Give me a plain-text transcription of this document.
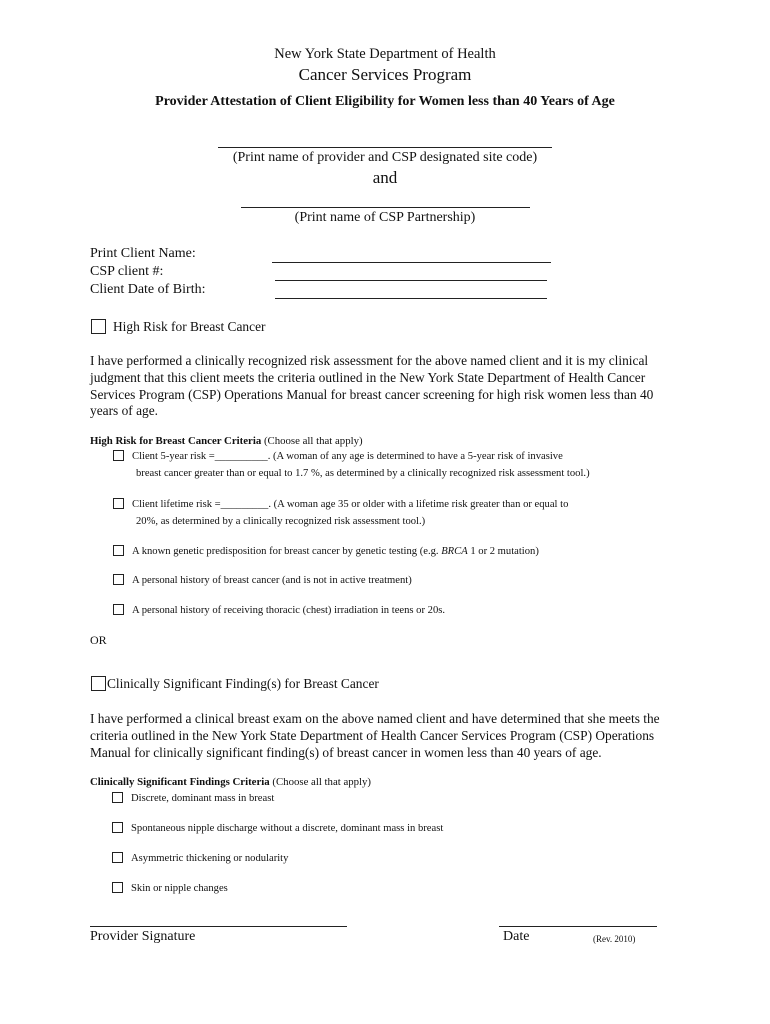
New York State Department of Health
Cancer Services Program
Provider Attestation of Client Eligibility for Women less than 40 Years of Age
(Print name of provider and CSP designated site code)
and
(Print name of CSP Partnership)
Print Client Name:
CSP client #:
Client Date of Birth:
High Risk for Breast Cancer
I have performed a clinically recognized risk assessment for the above named client and it is my clinical judgment that this client meets the criteria outlined in the New York State Department of Health Cancer Services Program (CSP) Operations Manual for breast cancer screening for high risk women less than 40 years of age.
High Risk for Breast Cancer Criteria (Choose all that apply)
Client 5-year risk =__________. (A woman of any age is determined to have a 5-year risk of invasive
breast cancer greater than or equal to 1.7 %, as determined by a clinically recognized risk assessment tool.)
Client lifetime risk =_________. (A woman age 35 or older with a lifetime risk greater than or equal to
20%, as determined by a clinically recognized risk assessment tool.)
A known genetic predisposition for breast cancer by genetic testing (e.g. BRCA 1 or 2 mutation)
A personal history of breast cancer (and is not in active treatment)
A personal history of receiving thoracic (chest) irradiation in teens or 20s.
OR
Clinically Significant Finding(s) for Breast Cancer
I have performed a clinical breast exam on the above named client and have determined that she meets the criteria outlined in the New York State Department of Health Cancer Services Program (CSP) Operations Manual for clinically significant finding(s) of breast cancer in women less than 40 years of age.
Clinically Significant Findings Criteria (Choose all that apply)
Discrete, dominant mass in breast
Spontaneous nipple discharge without a discrete, dominant mass in breast
Asymmetric thickening or nodularity
Skin or nipple changes
Provider Signature	Date	(Rev. 2010)
